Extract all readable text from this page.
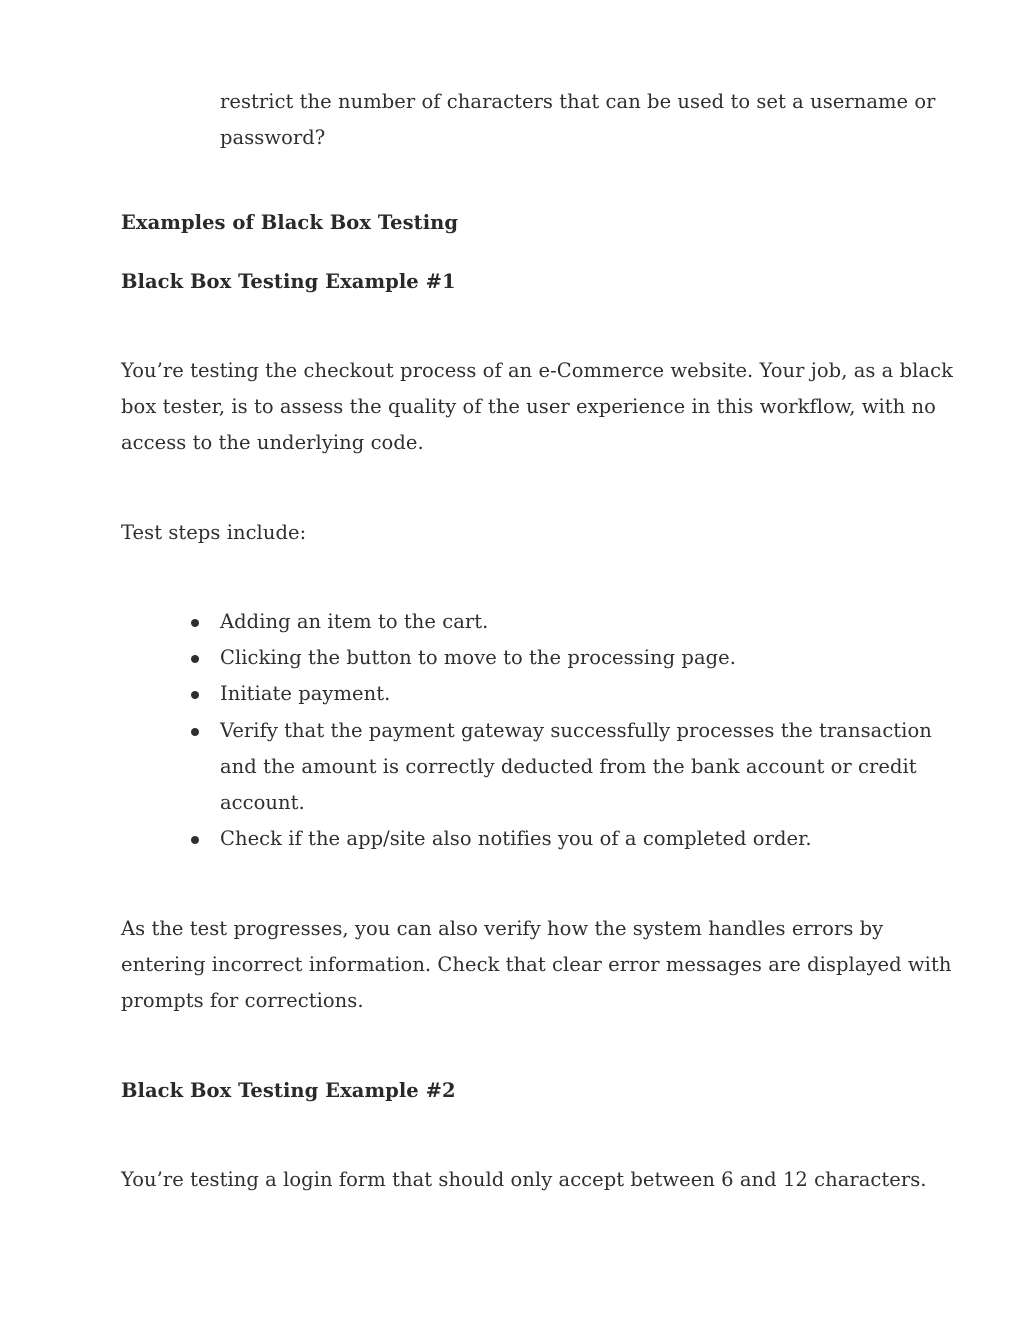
restrict the number of characters that can be used to set a username or
password?
Examples of Black Box Testing
Black Box Testing Example #1
You’re testing the checkout process of an e-Commerce website. Your job, as a black
box tester, is to assess the quality of the user experience in this workflow, with no
access to the underlying code.
Test steps include:
Adding an item to the cart.
Clicking the button to move to the processing page.
Initiate payment.
Verify that the payment gateway successfully processes the transaction
and the amount is correctly deducted from the bank account or credit
account.
Check if the app/site also notifies you of a completed order.
As the test progresses, you can also verify how the system handles errors by
entering incorrect information. Check that clear error messages are displayed with
prompts for corrections.
Black Box Testing Example #2
You’re testing a login form that should only accept between 6 and 12 characters.
